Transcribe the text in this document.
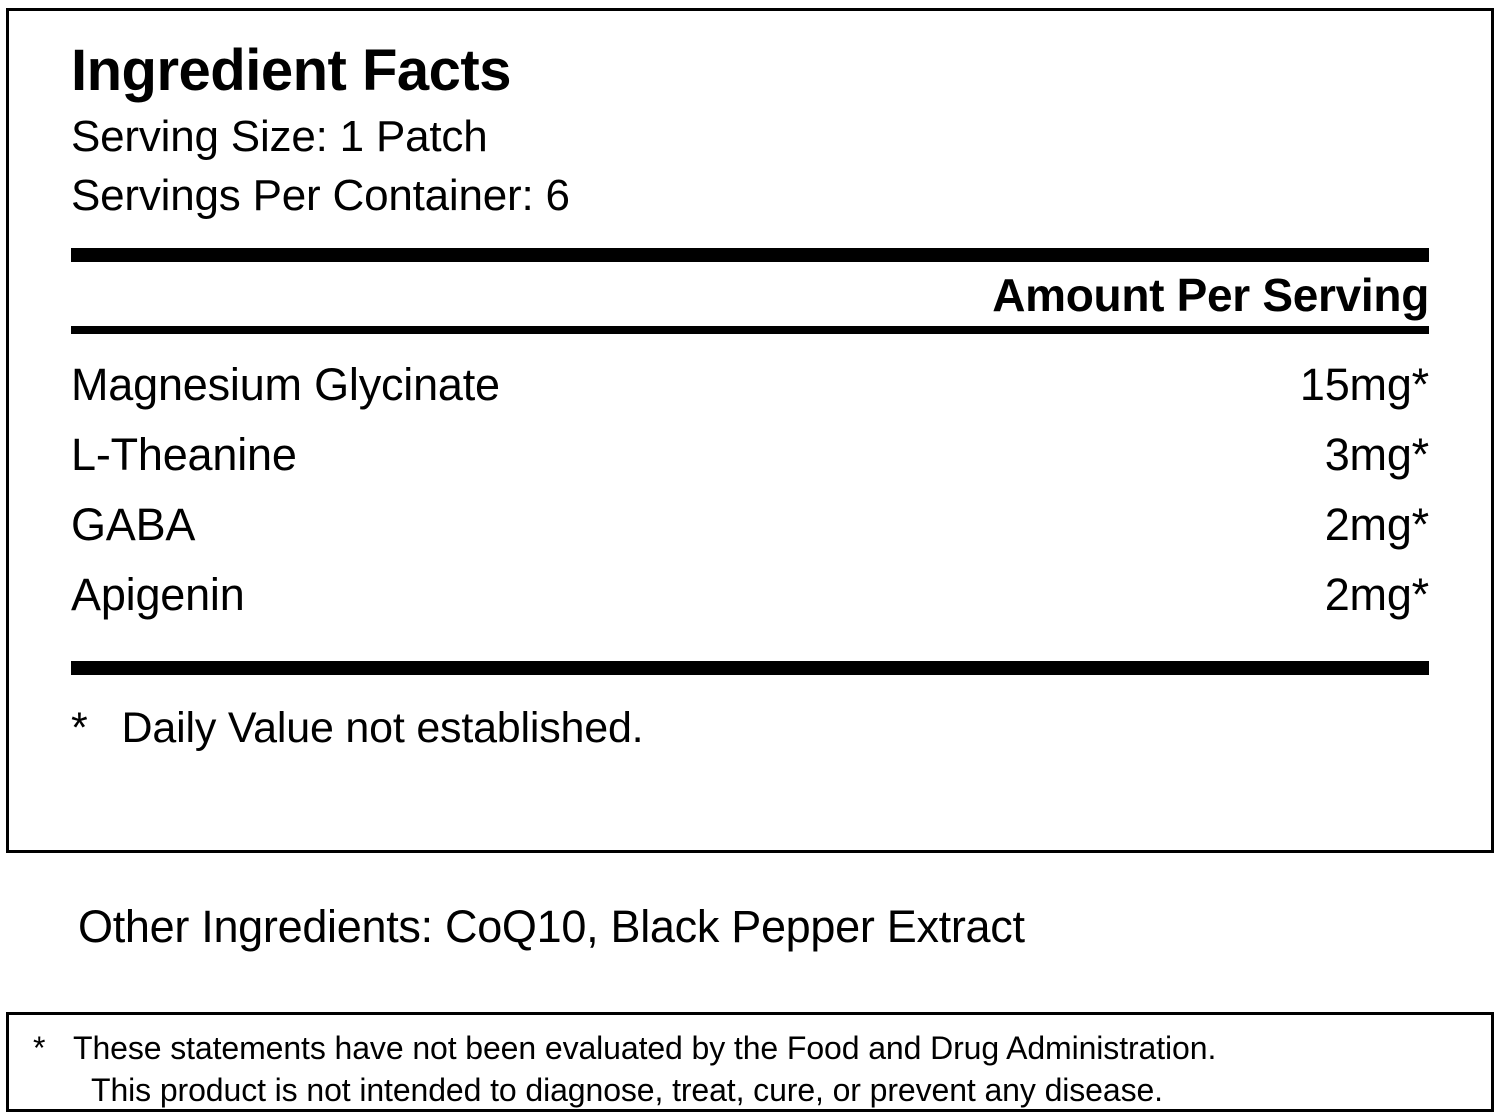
Ingredient Facts
Serving Size: 1 Patch
Servings Per Container: 6
Amount Per Serving
Magnesium Glycinate	15mg*
L-Theanine	3mg*
GABA	2mg*
Apigenin	2mg*
* Daily Value not established.
Other Ingredients: CoQ10, Black Pepper Extract
* These statements have not been evaluated by the Food and Drug Administration.
This product is not intended to diagnose, treat, cure, or prevent any disease.
